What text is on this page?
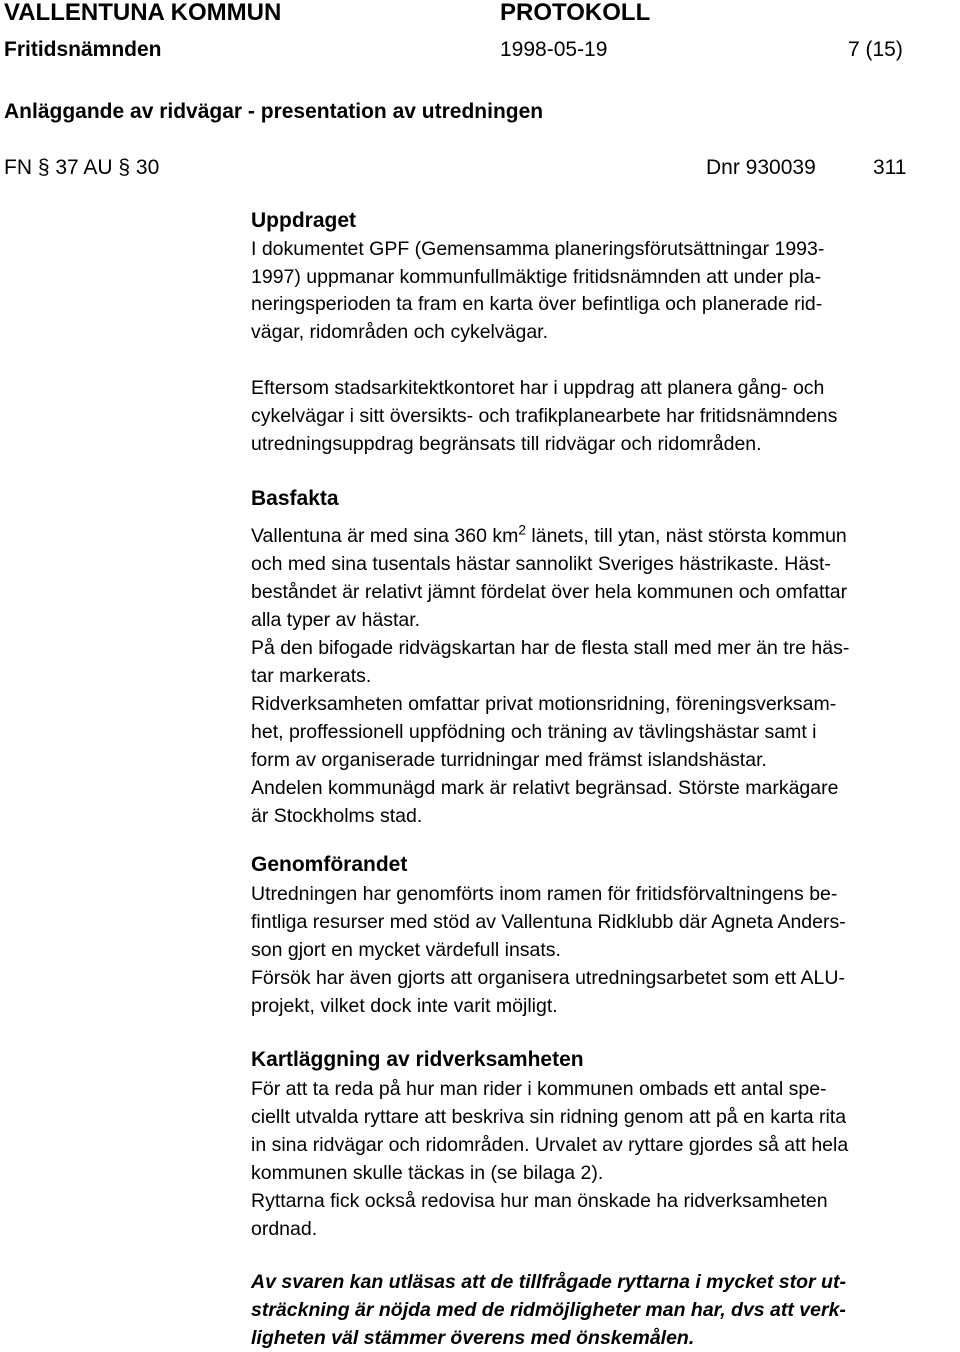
VALLENTUNA KOMMUN	PROTOKOLL
Fritidsnämnden	1998-05-19	7 (15)
Anläggande av ridvägar - presentation av utredningen
FN § 37 AU § 30	Dnr 930039	311
Uppdraget

I dokumentet GPF (Gemensamma planeringsförutsättningar 1993-

1997) uppmanar kommunfullmäktige fritidsnämnden att under pla-

neringsperioden ta fram en karta över befintliga och planerade rid-

vägar, ridområden och cykelvägar.

Eftersom stadsarkitektkontoret har i uppdrag att planera gång- och

cykelvägar i sitt översikts- och trafikplanearbete har fritidsnämndens

utredningsuppdrag begränsats till ridvägar och ridområden.

Basfakta

Vallentuna är med sina 360 $km^2$ länets, till ytan, näst största kommun

och med sina tusentals hästar sannolikt Sveriges hästrikaste. Häst-

beståndet är relativt jämnt fördelat över hela kommunen och omfattar

alla typer av hästar.

På den bifogade ridvägskartan har de flesta stall med mer än tre häs-

tar markerats.

Ridverksamheten omfattar privat motionsridning, föreningsverksam-

het, proffessionell uppfödning och träning av tävlingshästar samt i

form av organiserade turridningar med främst islandshästar.

Andelen kommunägd mark är relativt begränsad. Störste markägare

är Stockholms stad.

Genomförandet

Utredningen har genomförts inom ramen för fritidsförvaltningens be-

fintliga resurser med stöd av Vallentuna Ridklubb där Agneta Anders-

son gjort en mycket värdefull insats.

Försök har även gjorts att organisera utredningsarbetet som ett ALU-

projekt, vilket dock inte varit möjligt.

Kartläggning av ridverksamheten

För att ta reda på hur man rider i kommunen ombads ett antal spe-

ciellt utvalda ryttare att beskriva sin ridning genom att på en karta rita

in sina ridvägar och ridområden. Urvalet av ryttare gjordes så att hela

kommunen skulle täckas in (se bilaga 2).

Ryttarna fick också redovisa hur man önskade ha ridverksamheten

ordnad.

Av svaren kan utläsas att de tillfrågade ryttarna i mycket stor ut-

sträckning är nöjda med de ridmöjligheter man har, dvs att verk-

ligheten väl stämmer överens med önskemålen.
